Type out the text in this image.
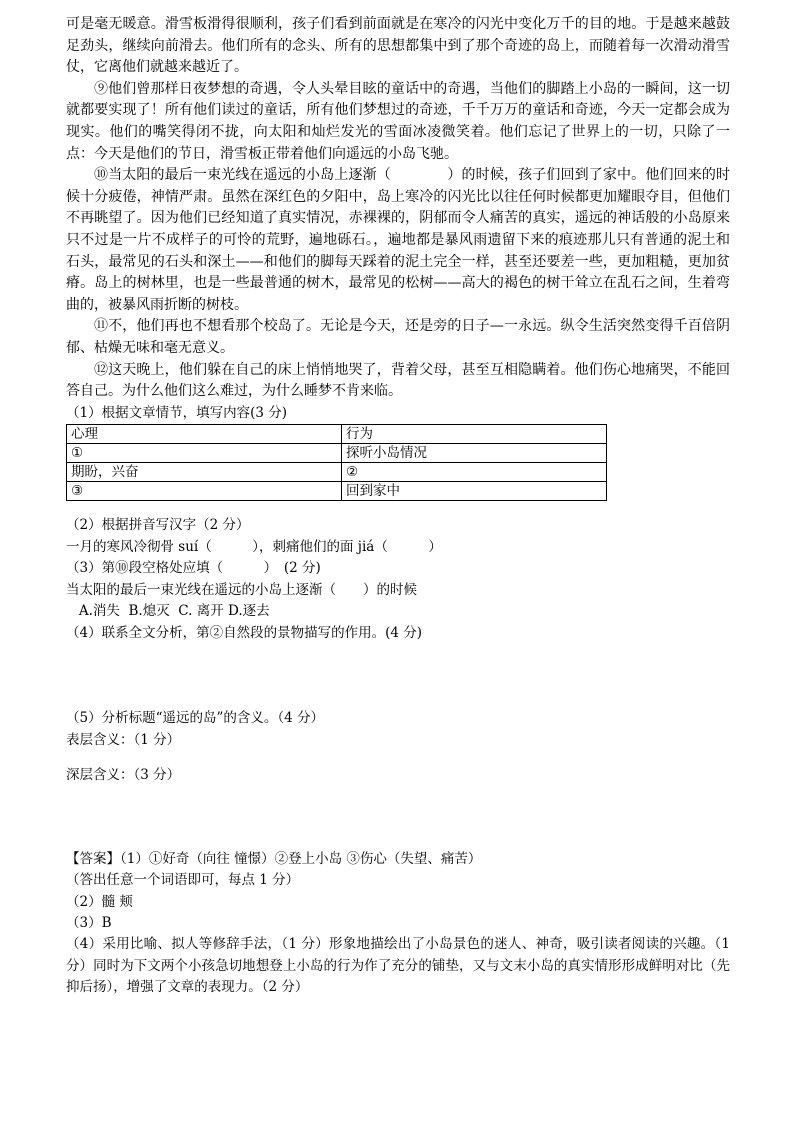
可是毫无暖意。滑雪板滑得很顺利，孩子们看到前面就是在寒冷的闪光中变化万千的目的地。于是越来越鼓足劲头，继续向前滑去。他们所有的念头、所有的思想都集中到了那个奇迹的岛上，而随着每一次滑动滑雪仗，它离他们就越来越近了。

⑨他们曾那样日夜梦想的奇遇，令人头晕目眩的童话中的奇遇，当他们的脚踏上小岛的一瞬间，这一切就都要实现了！所有他们读过的童话，所有他们梦想过的奇迹，千千万万的童话和奇迹，今天一定都会成为现实。他们的嘴笑得闭不拢，向太阳和灿烂发光的雪面冰凌微笑着。他们忘记了世界上的一切，只除了一点：今天是他们的节日，滑雪板正带着他们向遥远的小岛飞驰。

⑩当太阳的最后一束光线在遥远的小岛上逐渐（　　　　）的时候，孩子们回到了家中。他们回来的时候十分疲倦，神情严肃。虽然在深红色的夕阳中，岛上寒冷的闪光比以往任何时候都更加耀眼夺目，但他们不再眺望了。因为他们已经知道了真实情况，赤裸裸的，阴郁而令人痛苦的真实，遥远的神话般的小岛原来只不过是一片不成样子的可怜的荒野，遍地砾石。，遍地都是暴风雨遗留下来的痕迹那儿只有普通的泥土和石头，最常见的石头和深土——和他们的脚每天踩着的泥土完全一样，甚至还要差一些，更加粗糙，更加贫瘠。岛上的树林里，也是一些最普通的树木，最常见的松树——高大的褐色的树干耸立在乱石之间，生着弯曲的，被暴风雨折断的树枝。

⑪不，他们再也不想看那个校岛了。无论是今天，还是旁的日子—一永远。纵令生活突然变得千百倍阴郁、枯燥无味和毫无意义。

⑫这天晚上，他们躲在自己的床上悄悄地哭了，背着父母，甚至互相隐瞒着。他们伤心地痛哭，不能回答自己。为什么他们这么难过，为什么睡梦不肯来临。

（1）根据文章情节，填写内容(3 分)

心理	行为
①	探听小岛情况
期盼，兴奋	②
③	回到家中

（2）根据拼音写汉字（2 分）

一月的寒风冷彻骨 suí（　　　），刺痛他们的面 jiá（　　　）

（3）第⑩段空格处应填（　　　）　(2 分)

当太阳的最后一束光线在遥远的小岛上逐渐（　　）的时候

A.消失  B.熄灭  C. 离开 D.逐去

（4）联系全文分析，第②自然段的景物描写的作用。(4 分)

（5）分析标题“遥远的岛”的含义。（4 分）

表层含义：（1 分）

深层含义：（3 分）

【答案】（1）①好奇（向往 憧憬）②登上小岛 ③伤心（失望、痛苦）

（答出任意一个词语即可，每点 1 分）

（2）髓 颊

（3）B

（4）采用比喻、拟人等修辞手法，（1 分）形象地描绘出了小岛景色的迷人、神奇，吸引读者阅读的兴趣。（1 分）同时为下文两个小孩急切地想登上小岛的行为作了充分的铺垫，又与文末小岛的真实情形形成鲜明对比（先抑后扬），增强了文章的表现力。（2 分）
